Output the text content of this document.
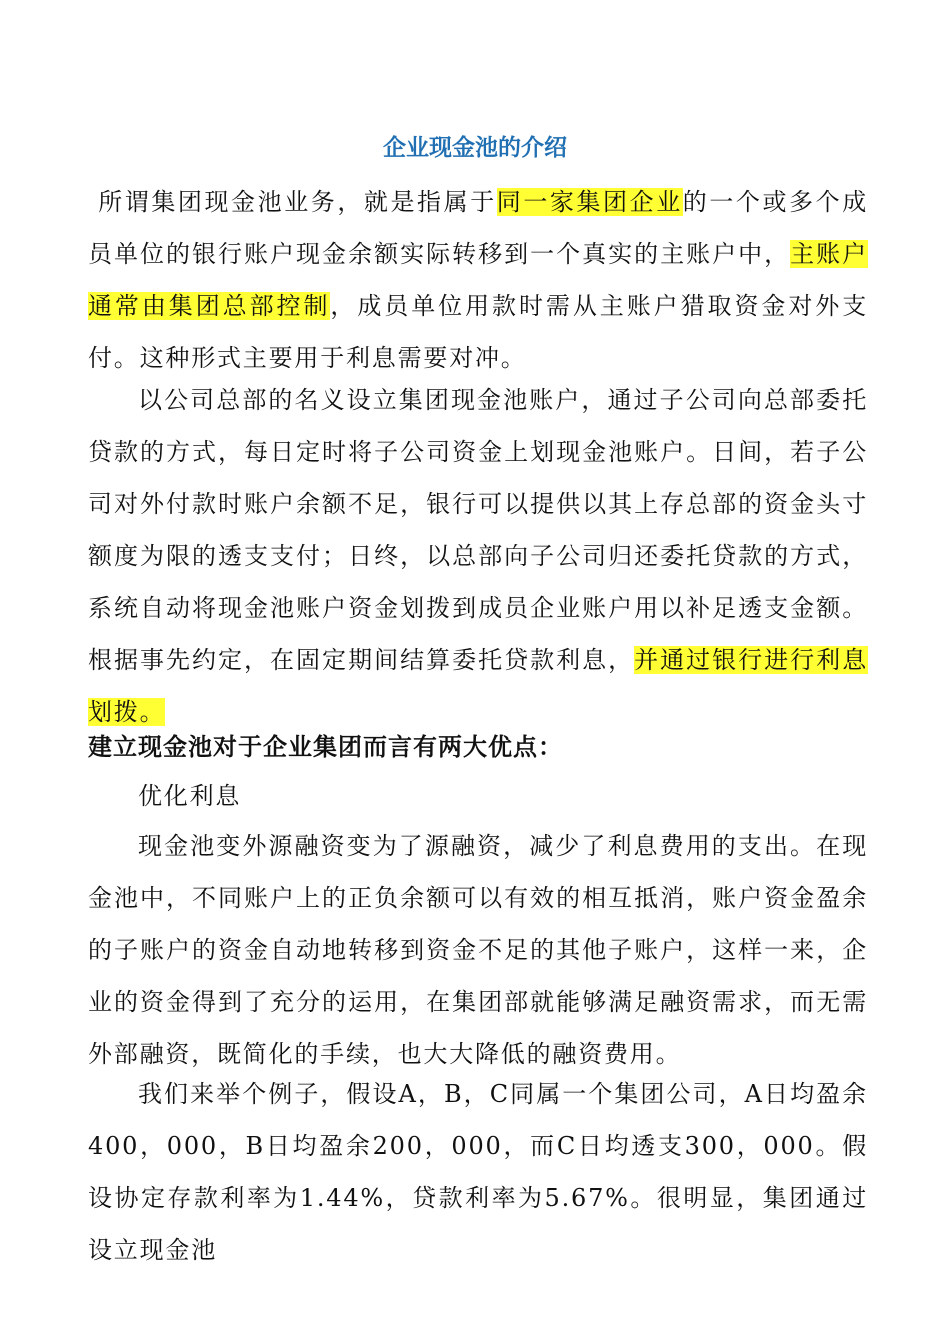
企业现金池的介绍

所谓集团现金池业务，就是指属于同一家集团企业的一个或多个成员单位的银行账户现金余额实际转移到一个真实的主账户中，主账户通常由集团总部控制，成员单位用款时需从主账户猎取资金对外支付。这种形式主要用于利息需要对冲。

以公司总部的名义设立集团现金池账户，通过子公司向总部委托贷款的方式，每日定时将子公司资金上划现金池账户。日间，若子公司对外付款时账户余额不足，银行可以提供以其上存总部的资金头寸额度为限的透支支付；日终，以总部向子公司归还委托贷款的方式，系统自动将现金池账户资金划拨到成员企业账户用以补足透支金额。根据事先约定，在固定期间结算委托贷款利息，并通过银行进行利息划拨。

建立现金池对于企业集团而言有两大优点：
优化利息

现金池变外源融资变为了源融资，减少了利息费用的支出。在现金池中，不同账户上的正负余额可以有效的相互抵消，账户资金盈余的子账户的资金自动地转移到资金不足的其他子账户，这样一来，企业的资金得到了充分的运用，在集团部就能够满足融资需求，而无需外部融资，既简化的手续，也大大降低的融资费用。

我们来举个例子，假设A，B，C同属一个集团公司，A日均盈余400，000，B日均盈余200，000，而C日均透支300，000。假设协定存款利率为1.44%，贷款利率为5.67%。很明显，集团通过设立现金池
